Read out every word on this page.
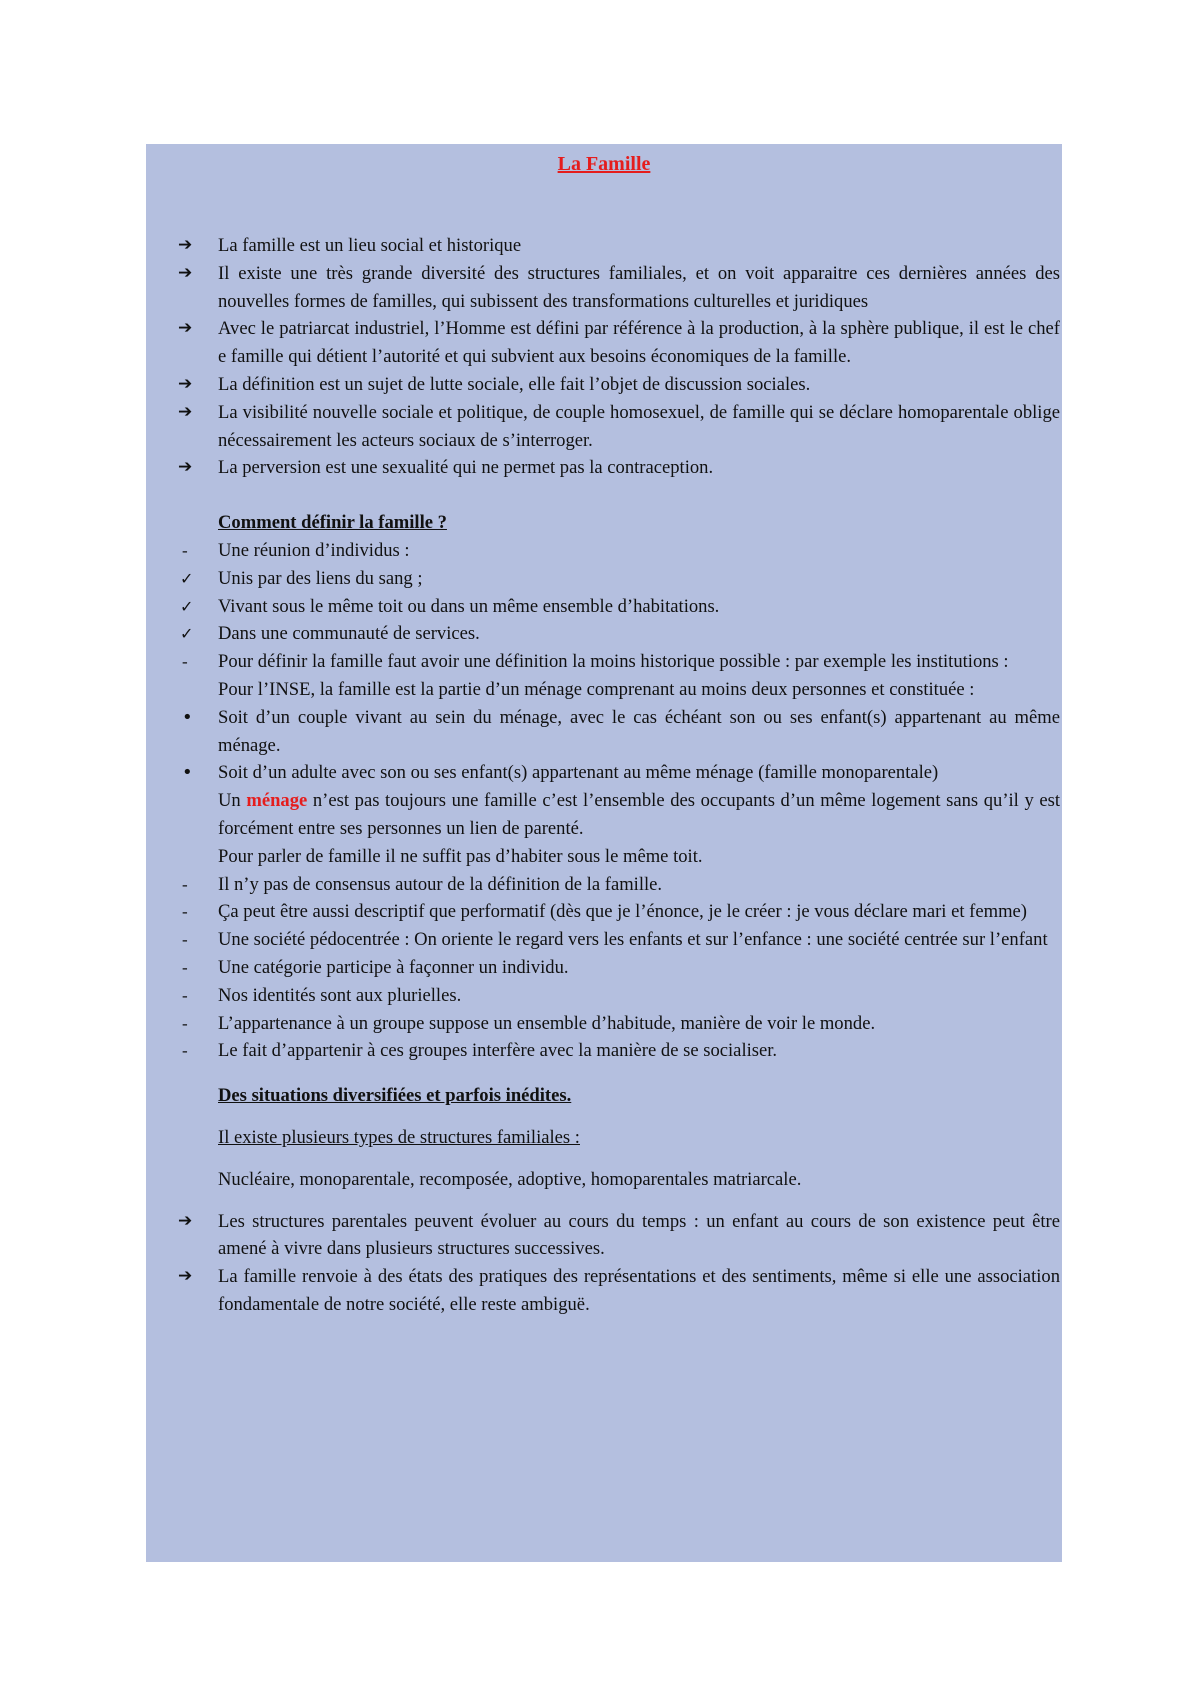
La Famille

➔	La famille est un lieu social et historique

➔	Il existe une très grande diversité des structures familiales, et on voit apparaitre ces dernières années des nouvelles formes de familles, qui subissent des transformations culturelles et juridiques

➔	Avec le patriarcat industriel, l’Homme est défini par référence à la production, à la sphère publique, il est le chef e famille qui détient l’autorité et qui subvient aux besoins économiques de la famille.

➔	La définition est un sujet de lutte sociale, elle fait l’objet de discussion sociales.

➔	La visibilité nouvelle sociale et politique, de couple homosexuel, de famille qui se déclare homoparentale oblige nécessairement les acteurs sociaux de s’interroger.

➔	La perversion est une sexualité qui ne permet pas la contraception.

Comment définir la famille ?

-	Une réunion d’individus :

✓	Unis par des liens du sang ;

✓	Vivant sous le même toit ou dans un même ensemble d’habitations.

✓	Dans une communauté de services.

-	Pour définir la famille faut avoir une définition la moins historique possible : par exemple les institutions :

Pour l’INSE, la famille est la partie d’un ménage comprenant au moins deux personnes et constituée :

•	Soit d’un couple vivant au sein du ménage, avec le cas échéant son ou ses enfant(s) appartenant au même ménage.

•	Soit d’un adulte avec son ou ses enfant(s) appartenant au même ménage (famille monoparentale)

Un ménage n’est pas toujours une famille c’est l’ensemble des occupants d’un même logement sans qu’il y est forcément entre ses personnes un lien de parenté.

Pour parler de famille il ne suffit pas d’habiter sous le même toit.

-	Il n’y pas de consensus autour de la définition de la famille.

-	Ça peut être aussi descriptif que performatif (dès que je l’énonce, je le créer : je vous déclare mari et femme)

-	Une société pédocentrée : On oriente le regard vers les enfants et sur l’enfance : une société centrée sur l’enfant

-	Une catégorie participe à façonner un individu.

-	Nos identités sont aux plurielles.

-	L’appartenance à un groupe suppose un ensemble d’habitude, manière de voir le monde.

-	Le fait d’appartenir à ces groupes interfère avec la manière de se socialiser.

Des situations diversifiées et parfois inédites.

Il existe plusieurs types de structures familiales :

Nucléaire, monoparentale, recomposée, adoptive, homoparentales matriarcale.

➔	Les structures parentales peuvent évoluer au cours du temps : un enfant au cours de son existence peut être amené à vivre dans plusieurs structures successives.

➔	La famille renvoie à des états des pratiques des représentations et des sentiments, même si elle une association fondamentale de notre société, elle reste ambiguë.
